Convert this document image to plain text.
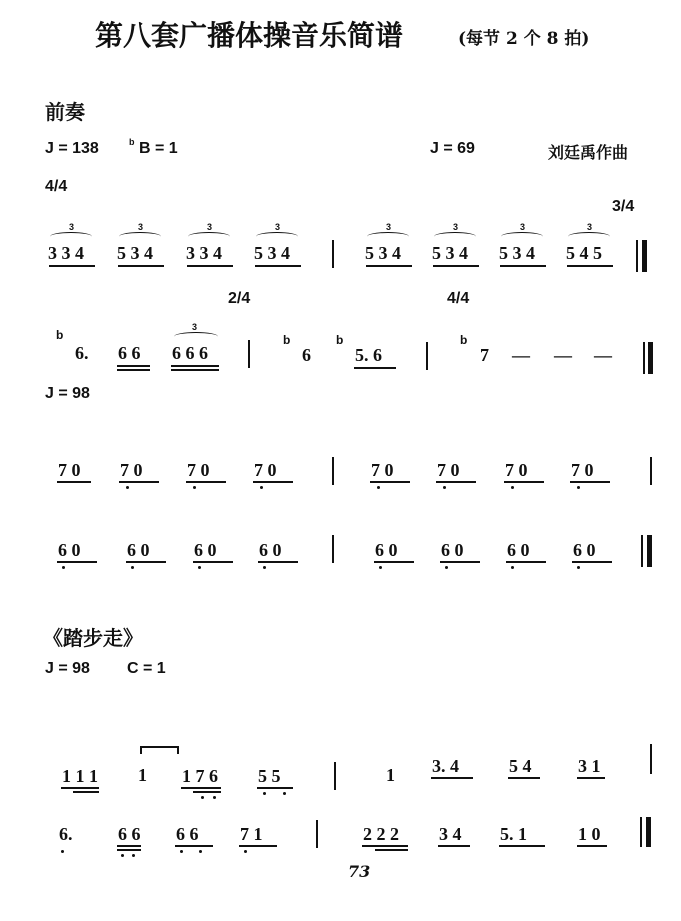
第八套广播体操音乐简谱	(每节 2 个 8 拍)
前奏
J = 138	b B = 1	J = 69	刘廷禹作曲
4/4
3/4
3 3 4 5 3 4 3 3 4 5 3 4	5 3 4 5 3 4 5 3 4 5 4 5
3	3	3	3	3	3	3	3
2/4	4/4
b
6. 6 6 6 6 6
3
b
6
b
5. 6
b
7 — — —
J = 98
7 0 7 0 7 0 7 0	7 0 7 0	7 0 7 0
6 0	6 0 6 0 6 0	6 0 6 0 6 0 6 0
《踏步走》
J = 98 C = 1
1 1 1 1 1 7 6 5 5	1 3. 4	5 4	3 1
6.	6 6 6 6 7 1	2 2 2 3 4 5. 1	1 0
73
